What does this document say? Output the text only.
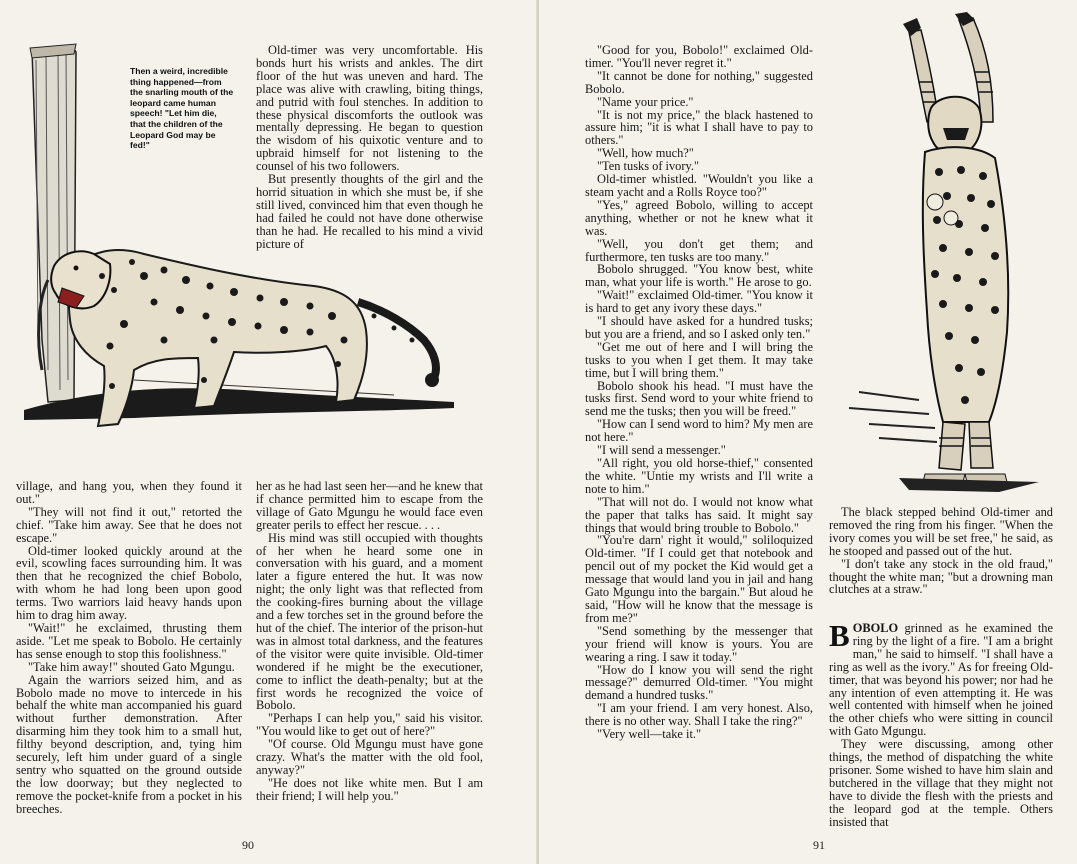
Then a weird, incredible thing happened—from the snarling mouth of the leopard came human speech! "Let him die, that the children of the Leopard God may be fed!"

Old-timer was very uncomfortable. His bonds hurt his wrists and ankles. The dirt floor of the hut was uneven and hard. The place was alive with crawling, biting things, and putrid with foul stenches. In addition to these physical discomforts the outlook was mentally depressing. He began to question the wisdom of his quixotic venture and to upbraid himself for not listening to the counsel of his two followers.

But presently thoughts of the girl and the horrid situation in which she must be, if she still lived, convinced him that even though he had failed he could not have done otherwise than he had. He recalled to his mind a vivid picture of

village, and hang you, when they found it out."

"They will not find it out," retorted the chief. "Take him away. See that he does not escape."

Old-timer looked quickly around at the evil, scowling faces surrounding him. It was then that he recognized the chief Bobolo, with whom he had long been upon good terms. Two warriors laid heavy hands upon him to drag him away.

"Wait!" he exclaimed, thrusting them aside. "Let me speak to Bobolo. He certainly has sense enough to stop this foolishness."

"Take him away!" shouted Gato Mgungu.

Again the warriors seized him, and as Bobolo made no move to intercede in his behalf the white man accompanied his guard without further demonstration. After disarming him they took him to a small hut, filthy beyond description, and, tying him securely, left him under guard of a single sentry who squatted on the ground outside the low doorway; but they neglected to remove the pocket-knife from a pocket in his breeches.

her as he had last seen her—and he knew that if chance permitted him to escape from the village of Gato Mgungu he would face even greater perils to effect her rescue. . . .

His mind was still occupied with thoughts of her when he heard some one in conversation with his guard, and a moment later a figure entered the hut. It was now night; the only light was that reflected from the cooking-fires burning about the village and a few torches set in the ground before the hut of the chief. The interior of the prison-hut was in almost total darkness, and the features of the visitor were quite invisible. Old-timer wondered if he might be the executioner, come to inflict the death-penalty; but at the first words he recognized the voice of Bobolo.

"Perhaps I can help you," said his visitor. "You would like to get out of here?"

"Of course. Old Mgungu must have gone crazy. What's the matter with the old fool, anyway?"

"He does not like white men. But I am their friend; I will help you."

90

"Good for you, Bobolo!" exclaimed Old-timer. "You'll never regret it."

"It cannot be done for nothing," suggested Bobolo.

"Name your price."

"It is not my price," the black hastened to assure him; "it is what I shall have to pay to others."

"Well, how much?"

"Ten tusks of ivory."

Old-timer whistled. "Wouldn't you like a steam yacht and a Rolls Royce too?"

"Yes," agreed Bobolo, willing to accept anything, whether or not he knew what it was.

"Well, you don't get them; and furthermore, ten tusks are too many."

Bobolo shrugged. "You know best, white man, what your life is worth." He arose to go.

"Wait!" exclaimed Old-timer. "You know it is hard to get any ivory these days."

"I should have asked for a hundred tusks; but you are a friend, and so I asked only ten."

"Get me out of here and I will bring the tusks to you when I get them. It may take time, but I will bring them."

Bobolo shook his head. "I must have the tusks first. Send word to your white friend to send me the tusks; then you will be freed."

"How can I send word to him? My men are not here."

"I will send a messenger."

"All right, you old horse-thief," consented the white. "Untie my wrists and I'll write a note to him."

"That will not do. I would not know what the paper that talks has said. It might say things that would bring trouble to Bobolo."

"You're darn' right it would," soliloquized Old-timer. "If I could get that notebook and pencil out of my pocket the Kid would get a message that would land you in jail and hang Gato Mgungu into the bargain." But aloud he said, "How will he know that the message is from me?"

"Send something by the messenger that your friend will know is yours. You are wearing a ring. I saw it today."

"How do I know you will send the right message?" demurred Old-timer. "You might demand a hundred tusks."

"I am your friend. I am very honest. Also, there is no other way. Shall I take the ring?"

"Very well—take it."

The black stepped behind Old-timer and removed the ring from his finger. "When the ivory comes you will be set free," he said, as he stooped and passed out of the hut.

"I don't take any stock in the old fraud," thought the white man; "but a drowning man clutches at a straw."

BOBOLO grinned as he examined the ring by the light of a fire. "I am a bright man," he said to himself. "I shall have a ring as well as the ivory." As for freeing Old-timer, that was beyond his power; nor had he any intention of even attempting it. He was well contented with himself when he joined the other chiefs who were sitting in council with Gato Mgungu.

They were discussing, among other things, the method of dispatching the white prisoner. Some wished to have him slain and butchered in the village that they might not have to divide the flesh with the priests and the leopard god at the temple. Others insisted that

91
